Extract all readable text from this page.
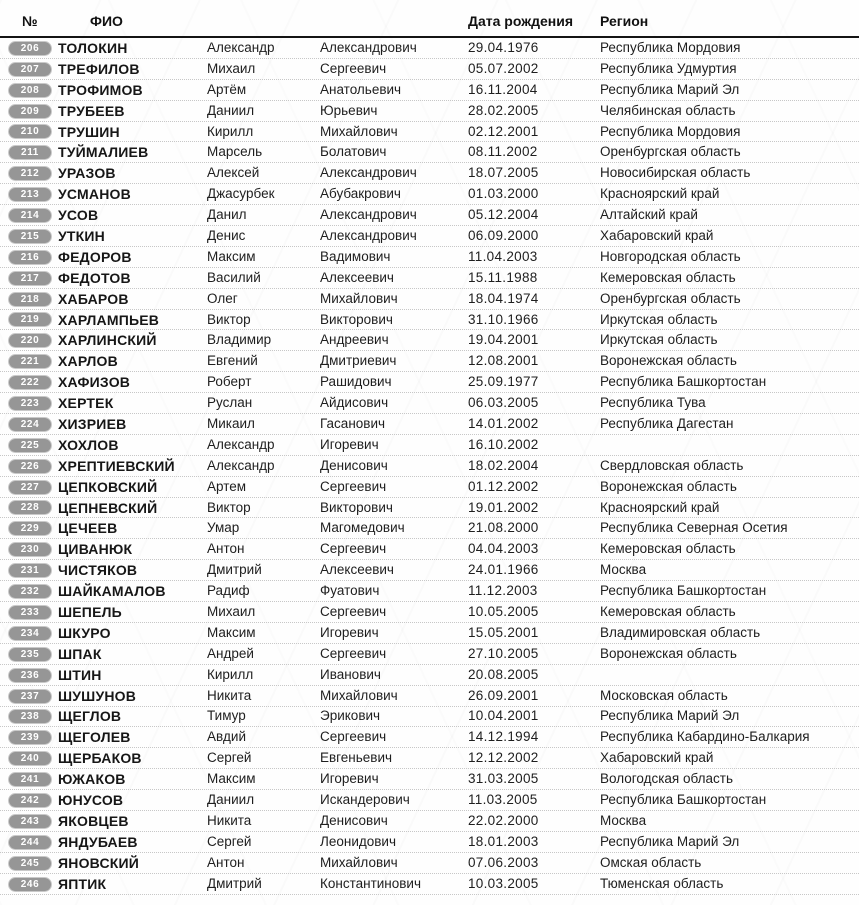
№	ФИО	Дата рождения	Регион
206	ТОЛОКИН	Александр	Александрович	29.04.1976	Республика Мордовия
207	ТРЕФИЛОВ	Михаил	Сергеевич	05.07.2002	Республика Удмуртия
208	ТРОФИМОВ	Артём	Анатольевич	16.11.2004	Республика Марий Эл
209	ТРУБЕЕВ	Даниил	Юрьевич	28.02.2005	Челябинская область
210	ТРУШИН	Кирилл	Михайлович	02.12.2001	Республика Мордовия
211	ТУЙМАЛИЕВ	Марсель	Болатович	08.11.2002	Оренбургская область
212	УРАЗОВ	Алексей	Александрович	18.07.2005	Новосибирская область
213	УСМАНОВ	Джасурбек	Абубакрович	01.03.2000	Красноярский край
214	УСОВ	Данил	Александрович	05.12.2004	Алтайский край
215	УТКИН	Денис	Александрович	06.09.2000	Хабаровский край
216	ФЕДОРОВ	Максим	Вадимович	11.04.2003	Новгородская область
217	ФЕДОТОВ	Василий	Алексеевич	15.11.1988	Кемеровская область
218	ХАБАРОВ	Олег	Михайлович	18.04.1974	Оренбургская область
219	ХАРЛАМПЬЕВ	Виктор	Викторович	31.10.1966	Иркутская область
220	ХАРЛИНСКИЙ	Владимир	Андреевич	19.04.2001	Иркутская область
221	ХАРЛОВ	Евгений	Дмитриевич	12.08.2001	Воронежская область
222	ХАФИЗОВ	Роберт	Рашидович	25.09.1977	Республика Башкортостан
223	ХЕРТЕК	Руслан	Айдисович	06.03.2005	Республика Тува
224	ХИЗРИЕВ	Микаил	Гасанович	14.01.2002	Республика Дагестан
225	ХОХЛОВ	Александр	Игоревич	16.10.2002
226	ХРЕПТИЕВСКИЙ	Александр	Денисович	18.02.2004	Свердловская область
227	ЦЕПКОВСКИЙ	Артем	Сергеевич	01.12.2002	Воронежская область
228	ЦЕПНЕВСКИЙ	Виктор	Викторович	19.01.2002	Красноярский край
229	ЦЕЧЕЕВ	Умар	Магомедович	21.08.2000	Республика Северная Осетия
230	ЦИВАНЮК	Антон	Сергеевич	04.04.2003	Кемеровская область
231	ЧИСТЯКОВ	Дмитрий	Алексеевич	24.01.1966	Москва
232	ШАЙКАМАЛОВ	Радиф	Фуатович	11.12.2003	Республика Башкортостан
233	ШЕПЕЛЬ	Михаил	Сергеевич	10.05.2005	Кемеровская область
234	ШКУРО	Максим	Игоревич	15.05.2001	Владимировская область
235	ШПАК	Андрей	Сергеевич	27.10.2005	Воронежская область
236	ШТИН	Кирилл	Иванович	20.08.2005
237	ШУШУНОВ	Никита	Михайлович	26.09.2001	Московская область
238	ЩЕГЛОВ	Тимур	Эрикович	10.04.2001	Республика Марий Эл
239	ЩЕГОЛЕВ	Авдий	Сергеевич	14.12.1994	Республика Кабардино-Балкария
240	ЩЕРБАКОВ	Сергей	Евгеньевич	12.12.2002	Хабаровский край
241	ЮЖАКОВ	Максим	Игоревич	31.03.2005	Вологодская область
242	ЮНУСОВ	Даниил	Искандерович	11.03.2005	Республика Башкортостан
243	ЯКОВЦЕВ	Никита	Денисович	22.02.2000	Москва
244	ЯНДУБАЕВ	Сергей	Леонидович	18.01.2003	Республика Марий Эл
245	ЯНОВСКИЙ	Антон	Михайлович	07.06.2003	Омская область
246	ЯПТИК	Дмитрий	Константинович	10.03.2005	Тюменская область
